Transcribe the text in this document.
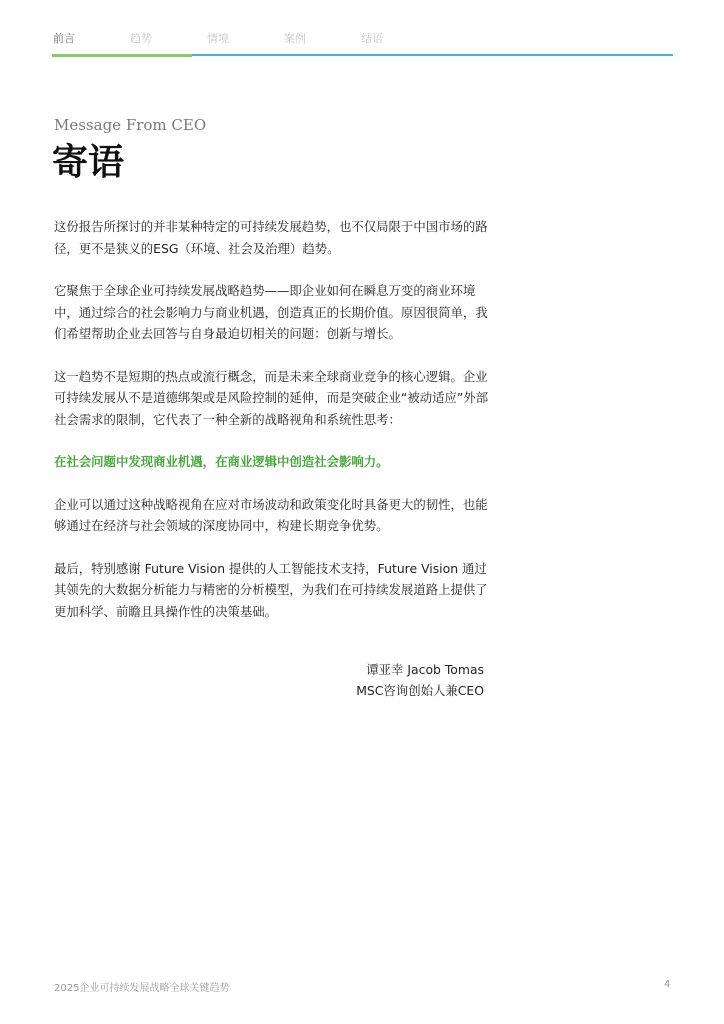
前言	趋势	情境	案例	结语
Message From CEO
寄语

这份报告所探讨的并非某种特定的可持续发展趋势，也不仅局限于中国市场的路径，更不是狭义的ESG（环境、社会及治理）趋势。

它聚焦于全球企业可持续发展战略趋势——即企业如何在瞬息万变的商业环境中，通过综合的社会影响力与商业机遇，创造真正的长期价值。原因很简单，我们希望帮助企业去回答与自身最迫切相关的问题：创新与增长。

这一趋势不是短期的热点或流行概念，而是未来全球商业竞争的核心逻辑。企业可持续发展从不是道德绑架或是风险控制的延伸，而是突破企业“被动适应”外部社会需求的限制，它代表了一种全新的战略视角和系统性思考：

在社会问题中发现商业机遇，在商业逻辑中创造社会影响力。

企业可以通过这种战略视角在应对市场波动和政策变化时具备更大的韧性，也能够通过在经济与社会领域的深度协同中，构建长期竞争优势。

最后，特别感谢 Future Vision 提供的人工智能技术支持，Future Vision 通过其领先的大数据分析能力与精密的分析模型，为我们在可持续发展道路上提供了更加科学、前瞻且具操作性的决策基础。

谭亚幸 Jacob Tomas
MSC咨询创始人兼CEO
2025企业可持续发展战略全球关键趋势	4
